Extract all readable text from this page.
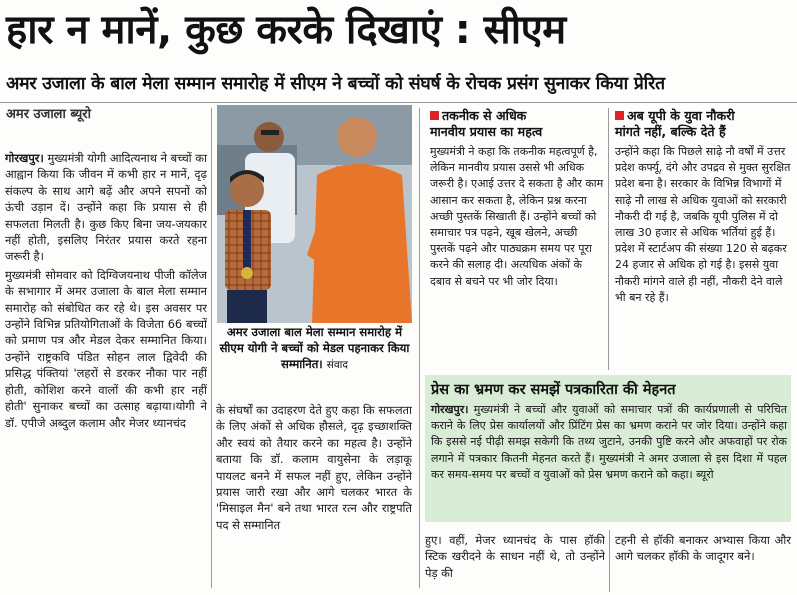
हार न मानें, कुछ करके दिखाएं : सीएम
अमर उजाला के बाल मेला सम्मान समारोह में सीएम ने बच्चों को संघर्ष के रोचक प्रसंग सुनाकर किया प्रेरित
अमर उजाला ब्यूरो

गोरखपुर। मुख्यमंत्री योगी आदित्यनाथ ने बच्चों का आह्वान किया कि जीवन में कभी हार न मानें, दृढ़ संकल्प के साथ आगे बढ़ें और अपने सपनों को ऊंची उड़ान दें। उन्होंने कहा कि प्रयास से ही सफलता मिलती है। कुछ किए बिना जय-जयकार नहीं होती, इसलिए निरंतर प्रयास करते रहना जरूरी है।

मुख्यमंत्री सोमवार को दिग्विजयनाथ पीजी कॉलेज के सभागार में अमर उजाला के बाल मेला सम्मान समारोह को संबोधित कर रहे थे। इस अवसर पर उन्होंने विभिन्न प्रतियोगिताओं के विजेता 66 बच्चों को प्रमाण पत्र और मेडल देकर सम्मानित किया। उन्होंने राष्ट्रकवि पंडित सोहन लाल द्विवेदी की प्रसिद्ध पंक्तियां 'लहरों से डरकर नौका पार नहीं होती, कोशिश करने वालों की कभी हार नहीं होती' सुनाकर बच्चों का उत्साह बढ़ाया।योगी ने डॉ. एपीजे अब्दुल कलाम और मेजर ध्यानचंद

अमर उजाला बाल मेला सम्मान समारोह में सीएम योगी ने बच्चों को मेडल पहनाकर किया सम्मानित। संवाद

के संघर्षों का उदाहरण देते हुए कहा कि सफलता के लिए अंकों से अधिक हौसले, दृढ़ इच्छाशक्ति और स्वयं को तैयार करने का महत्व है। उन्होंने बताया कि डॉ. कलाम वायुसेना के लड़ाकू पायलट बनने में सफल नहीं हुए, लेकिन उन्होंने प्रयास जारी रखा और आगे चलकर भारत के 'मिसाइल मैन' बने तथा भारत रत्न और राष्ट्रपति पद से सम्मानित

तकनीक से अधिक
मानवीय प्रयास का महत्व
मुख्यमंत्री ने कहा कि तकनीक महत्वपूर्ण है, लेकिन मानवीय प्रयास उससे भी अधिक जरूरी है। एआई उत्तर दे सकता है और काम आसान कर सकता है, लेकिन प्रश्न करना अच्छी पुस्तकें सिखाती हैं। उन्होंने बच्चों को समाचार पत्र पढ़ने, खूब खेलने, अच्छी पुस्तकें पढ़ने और पाठ्यक्रम समय पर पूरा करने की सलाह दी। अत्यधिक अंकों के दबाव से बचने पर भी जोर दिया।
अब यूपी के युवा नौकरी
मांगते नहीं, बल्कि देते हैं
उन्होंने कहा कि पिछले साढ़े नौ वर्षों में उत्तर प्रदेश कर्फ्यू, दंगे और उपद्रव से मुक्त सुरक्षित प्रदेश बना है। सरकार के विभिन्न विभागों में साढ़े नौ लाख से अधिक युवाओं को सरकारी नौकरी दी गई है, जबकि यूपी पुलिस में दो लाख 30 हजार से अधिक भर्तियां हुई हैं। प्रदेश में स्टार्टअप की संख्या 120 से बढ़कर 24 हजार से अधिक हो गई है। इससे युवा नौकरी मांगने वाले ही नहीं, नौकरी देने वाले भी बन रहे हैं।
प्रेस का भ्रमण कर समझें पत्रकारिता की मेहनत
गोरखपुर। मुख्यमंत्री ने बच्चों और युवाओं को समाचार पत्रों की कार्यप्रणाली से परिचित कराने के लिए प्रेस कार्यालयों और प्रिंटिंग प्रेस का भ्रमण कराने पर जोर दिया। उन्होंने कहा कि इससे नई पीढ़ी समझ सकेगी कि तथ्य जुटाने, उनकी पुष्टि करने और अफवाहों पर रोक लगाने में पत्रकार कितनी मेहनत करते हैं। मुख्यमंत्री ने अमर उजाला से इस दिशा में पहल कर समय-समय पर बच्चों व युवाओं को प्रेस भ्रमण कराने को कहा। ब्यूरो

हुए। वहीं, मेजर ध्यानचंद के पास हॉकी स्टिक खरीदने के साधन नहीं थे, तो उन्होंने पेड़ की

टहनी से हॉकी बनाकर अभ्यास किया और आगे चलकर हॉकी के जादूगर बने।
